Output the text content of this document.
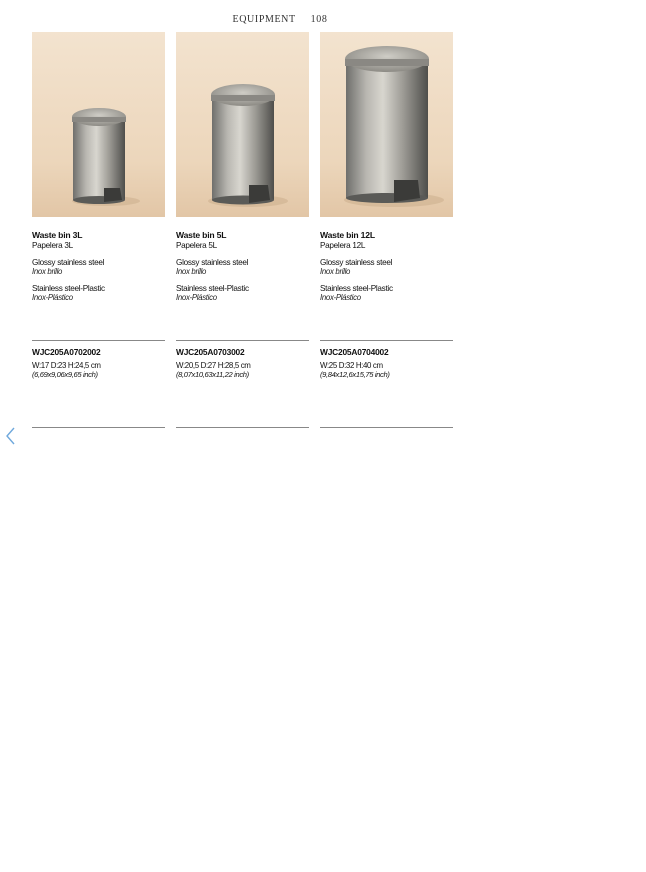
EQUIPMENT 108
Waste bin 3L
Papelera 3L
Glossy stainless steel
Inox brillo
Stainless steel-Plastic
Inox-Plástico
WJC205A0702002
W:17 D:23 H:24,5 cm
(6,69x9,06x9,65 inch)
Waste bin 5L
Papelera 5L
Glossy stainless steel
Inox brillo
Stainless steel-Plastic
Inox-Plástico
WJC205A0703002
W:20,5 D:27 H:28,5 cm
(8,07x10,63x11,22 inch)
Waste bin 12L
Papelera 12L
Glossy stainless steel
Inox brillo
Stainless steel-Plastic
Inox-Plástico
WJC205A0704002
W:25 D:32 H:40 cm
(9,84x12,6x15,75 inch)
